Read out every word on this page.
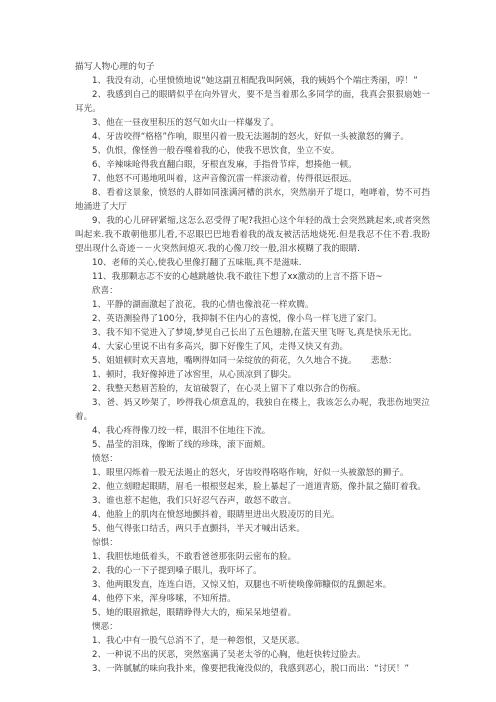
描写人物心理的句子
1、我没有动，心里愤愤地说“她这副丑相配我叫阿姨，我的姨妈个个端庄秀丽，哼！”
2、我感到自己的眼睛似乎在向外冒火，要不是当着那么多同学的面，我真会狠狠扇她一耳光。
3、他在一昼夜里积压的怒气如火山一样爆发了。
4、牙齿咬得“格格”作响，眼里闪着一股无法遏制的怒火，好似一头被激怒的狮子。
5、仇恨，像怪兽一般吞噬着我的心，使我不思饮食，坐立不安。
6、辛辣味呛得我直翻白眼，牙根直发麻，手指骨节痒，想揍他一顿。
7、他怒不可遏地吼叫着，这声音像沉雷一样滚动着，传得很远很远。
8、看着这景象，愤怒的人群如同涨满河槽的洪水，突然崩开了堤口，咆哮着，势不可挡地涌进了大厅
9、我的心儿砰砰紧缩,这怎么忍受得了呢?我担心这个年轻的战士会突然跳起来,或者突然叫起来.我不敢朝他那儿看,不忍眼巴巴地看着我的战友被活活地烧死.但是我忍不住不看.我盼望出现什么奇迹－－火突然间熄灭.我的心像刀绞一般,泪水模糊了我的眼睛.
10、老师的关心,使我心里像打翻了五味瓶,真不是滋味.
11、我那颗志忑不安的心越跳越快.我不敢往下想了xx激动的上言不搭下语~
欣喜：
1、平静的湖面激起了浪花，我的心情也像浪花一样欢腾。
2、英语测验得了100分，我抑制不住内心的喜悦，像小鸟一样飞进了家门。
3、我不知不觉进入了梦境,梦见自己长出了五色翅膀,在蓝天里飞呀飞,真是快乐无比。
4、大家心里说不出有多高兴，脚下好像生了风，走得又快又有劲。
5、姐姐顿时欢天喜地，嘴咧得如同一朵绽放的荷花，久久地合不拢。 悲愁：
1、顿时，我好像掉进了冰窖里，从心顶凉到了脚尖。
2、我整天愁眉苦脸的，友谊破裂了，在心灵上留下了难以弥合的伤痕。
3、爸、妈又吵架了，吵得我心烦意乱的，我独自在楼上，我该怎么办呢，我悲伤地哭泣着。
4、我心疼得像刀绞一样，眼泪不住地往下流。
5、晶莹的泪珠，像断了线的珍珠，滚下面颊。
愤怒：
1、眼里闪烁着一股无法遏止的怒火，牙齿咬得咯咯作响，好似一头被激怒的狮子。
2、他立刻瞪起眼睛，眉毛一根根竖起来，脸上暴起了一道道青筋，像扑鼠之猫盯着我。
3、谁也惹不起他，我们只好忍气吞声，敢怒不敢言。
4、他脸上的肌肉在愤怒地颤抖着，眼睛里进出火股凌厉的目光。
5、他气得张口结舌，两只手直颤抖，半天才喊出话来。
惊惧：
1、我胆怯地低着头，不敢看爸爸那张阴云密布的脸。
2、我的心一下子提到嗓子眼儿，我吓坏了。
3、他两眼发直，连连白语，又惊又怕，双腿也不听使唤像筛糠似的乱颤起来。
4、他停下来，浑身哆嗦，不知所措。
5、她的眼眉掀起，眼睛睁得大大的，痴呆呆地望着。
懊恶：
1、我心中有一股气总消不了，是一种怨恨，又是厌恶。
2、一种说不出的厌恶，突然塞满了吴老太爷的心胸，他赶快转过脸去。
3、一阵腻腻的味向我扑来，像要把我淹没似的，我感到恶心，脱口而出：“讨厌！”
